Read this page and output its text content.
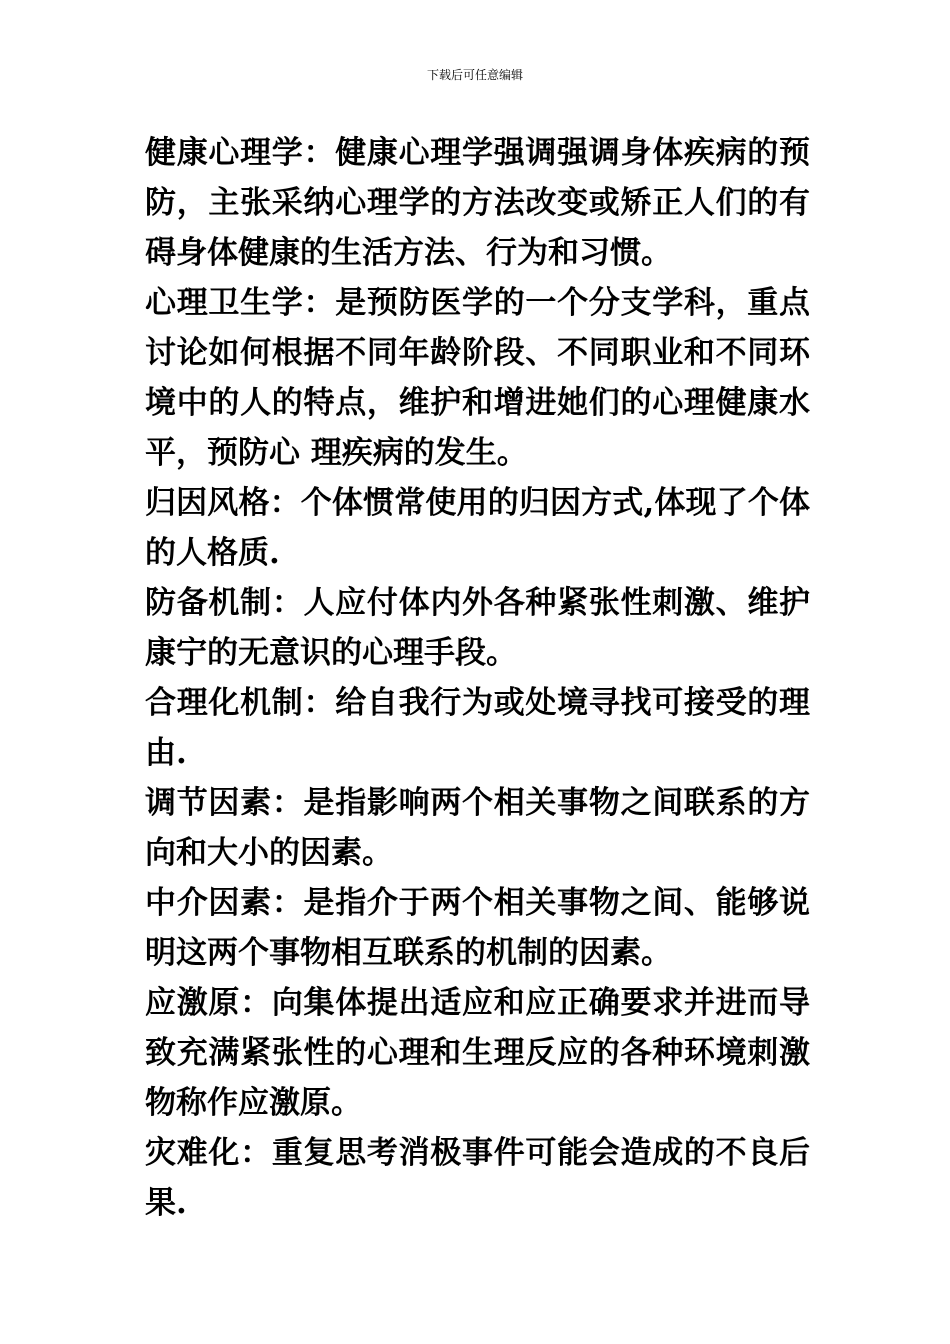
下载后可任意编辑

健康心理学：健康心理学强调强调身体疾病的预防，主张采纳心理学的方法改变或矫正人们的有碍身体健康的生活方法、行为和习惯。

心理卫生学：是预防医学的一个分支学科，重点讨论如何根据不同年龄阶段、不同职业和不同环境中的人的特点，维护和增进她们的心理健康水平，预防心 理疾病的发生。

归因风格：个体惯常使用的归因方式,体现了个体的人格质.

防备机制：人应付体内外各种紧张性刺激、维护康宁的无意识的心理手段。

合理化机制：给自我行为或处境寻找可接受的理由.

调节因素：是指影响两个相关事物之间联系的方向和大小的因素。

中介因素：是指介于两个相关事物之间、能够说明这两个事物相互联系的机制的因素。

应激原：向集体提出适应和应正确要求并进而导致充满紧张性的心理和生理反应的各种环境刺激物称作应激原。

灾难化：重复思考消极事件可能会造成的不良后果.
